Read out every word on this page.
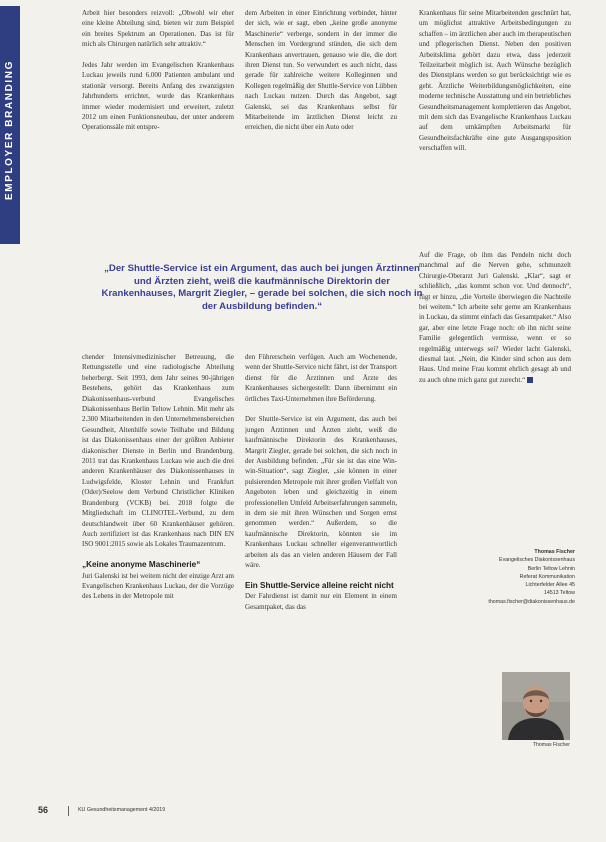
EMPLOYER BRANDING

Arbeit hier besonders reizvoll: „Obwohl wir eher eine kleine Abteilung sind, bieten wir zum Beispiel ein breites Spektrum an Operationen. Das ist für mich als Chirurgen natürlich sehr attraktiv.“

Jedes Jahr werden im Evangelischen Krankenhaus Luckau jeweils rund 6.000 Patienten ambulant und stationär versorgt. Bereits Anfang des zwanzigsten Jahrhunderts errichtet, wurde das Krankenhaus immer wieder modernisiert und erweitert, zuletzt 2012 um einen Funktionsneubau, der unter anderem Operationssäle mit entspre-

dem Arbeiten in einer Einrichtung verbindet, hinter der sich, wie er sagt, eben „keine große anonyme Maschinerie“ verberge, sondern in der immer die Menschen im Vordergrund stünden, die sich dem Krankenhaus anvertrauen, genauso wie die, die dort ihren Dienst tun. So verwundert es auch nicht, dass gerade für zahlreiche weitere Kolleginnen und Kollegen regelmäßig der Shuttle-Service von Lübben nach Luckau nutzen. Durch das Angebot, sagt Galenski, sei das Krankenhaus selbst für Mitarbeitende im ärztlichen Dienst leicht zu erreichen, die nicht über ein Auto oder

Krankenhaus für seine Mitarbeitenden geschnürt hat, um möglichst attraktive Arbeitsbedingungen zu schaffen – im ärztlichen aber auch im therapeutischen und pflegerischen Dienst. Neben den positiven Arbeitsklima gehört dazu etwa, dass jederzeit Teilzeitarbeit möglich ist. Auch Wünsche bezüglich des Dienstplans werden so gut berücksichtigt wie es geht. Ärztliche Weiterbildungsmöglichkeiten, eine moderne technische Ausstattung und ein betriebliches Gesundheitsmanagement komplettieren das Angebot, mit dem sich das Evangelische Krankenhaus Luckau auf dem umkämpften Arbeitsmarkt für Gesundheitsfachkräfte eine gute Ausgangsposition verschaffen will.

„Der Shuttle-Service ist ein Argument, das auch bei jungen Ärztinnen und Ärzten zieht, weiß die kaufmännische Direktorin der Krankenhauses, Margrit Ziegler, – gerade bei solchen, die sich noch in der Ausbildung befinden.“

Auf die Frage, ob ihm das Pendeln nicht doch manchmal auf die Nerven gehe, schmunzelt Chirurgie-Oberarzt Juri Galenski. „Klar“, sagt er schließlich, „das kommt schon vor. Und dennoch“, fügt er hinzu, „die Vorteile überwiegen die Nachteile bei weitem.“ Ich arbeite sehr gerne am Krankenhaus in Luckau, da stimmt einfach das Gesamtpaket.“ Also gar, aber eine letzte Frage noch: ob ihn nicht seine Familie gelegentlich vermisse, wenn er so regelmäßig unterwegs sei? Wieder lacht Galenski, diesmal laut. „Nein, die Kinder sind schon aus dem Haus. Und meine Frau kommt ehrlich gesagt ab und zu auch ohne mich ganz gut zurecht.“

chender Intensivmedizinischer Betreuung, die Rettungsstelle und eine radiologische Abteilung beherbergt. Seit 1993, dem Jahr seines 90-jährigen Bestehens, gehört das Krankenhaus zum Diakonissenhaus-verbund Evangelisches Diakonissenhaus Berlin Teltow Lehnin. Mit mehr als 2.300 Mitarbeitenden in den Unternehmensbereichen Gesundheit, Altenhilfe sowie Teilhabe und Bildung ist das Diakonissenhaus einer der größten Anbieter diakonischer Dienste in Berlin und Brandenburg. 2011 trat das Krankenhaus Luckau wie auch die drei anderen Krankenhäuser des Diakonissenhauses in Ludwigsfelde, Kloster Lehnin und Frankfurt (Oder)/Seelow dem Verbund Christlicher Kliniken Brandenburg (VCKB) bei. 2018 folgte die Mitgliedschaft im CLINOTEL-Verbund, zu dem deutschlandweit über 60 Krankenhäuser gehören. Auch zertifiziert ist das Krankenhaus nach DIN EN ISO 9001:2015 sowie als Lokales Traumazentrum.

„Keine anonyme Maschinerie“

Juri Galenski ist bei weitem nicht der einzige Arzt am Evangelischen Krankenhaus Luckau, der die Vorzüge des Lebens in der Metropole mit

den Führerschein verfügen. Auch am Wochenende, wenn der Shuttle-Service nicht fährt, ist der Transport dienst für die Ärztinnen und Ärzte des Krankenhauses sichergestellt: Dann übernimmt ein örtliches Taxi-Unternehmen ihre Beförderung.

Der Shuttle-Service ist ein Argument, das auch bei jungen Ärztinnen und Ärzten zieht, weiß die kaufmännische Direktorin des Krankenhauses, Margrit Ziegler, gerade bei solchen, die sich noch in der Ausbildung befinden. „Für sie ist das eine Win-win-Situation“, sagt Ziegler, „sie können in einer pulsierenden Metropole mit ihrer großen Vielfalt von Angeboten leben und gleichzeitig in einem professionellen Umfeld Arbeitserfahrungen sammeln, in dem sie mit ihren Wünschen und Sorgen ernst genommen werden.“ Außerdem, so die kaufmännische Direktorin, könnten sie im Krankenhaus Luckau schneller eigenverantwortlich arbeiten als das an vielen anderen Häusern der Fall wäre.

Ein Shuttle-Service alleine reicht nicht

Der Fahrdienst ist damit nur ein Element in einem Gesamtpaket, das das

Thomas Fischer
Evangelisches Diakonissenhaus
Berlin Teltow Lehnin
Referat Kommunikation
Lichterfelder Allee 45
14513 Teltow
thomas.fischer@diakonissenhaus.de
Thomas Fischer
56	KU Gesundheitsmanagement 4/2019
